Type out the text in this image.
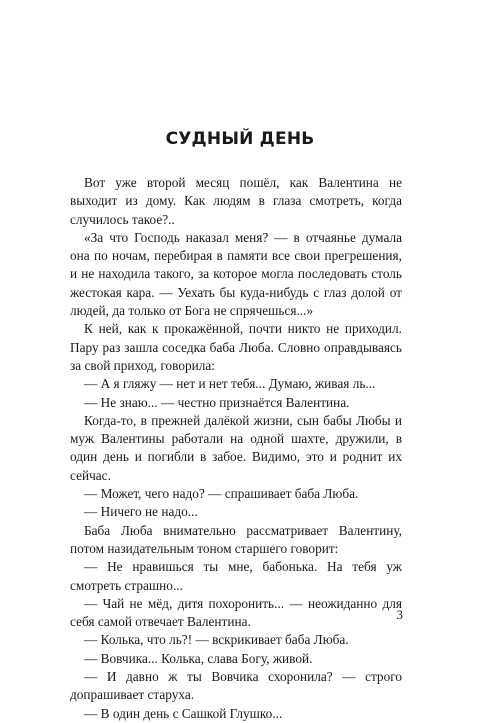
СУДНЫЙ ДЕНЬ

Вот уже второй месяц пошёл, как Валентина не выходит из дому. Как людям в глаза смотреть, когда случилось такое?..

«За что Господь наказал меня? — в отчаянье думала она по ночам, перебирая в памяти все свои прегрешения, и не находила такого, за которое могла последовать столь жестокая кара. — Уехать бы куда-нибудь с глаз долой от людей, да только от Бога не спрячешься...»

К ней, как к прокажённой, почти никто не приходил. Пару раз зашла соседка баба Люба. Словно оправдываясь за свой приход, говорила:

— А я гляжу — нет и нет тебя... Думаю, живая ль...

— Не знаю... — честно признаётся Валентина.

Когда-то, в прежней далёкой жизни, сын бабы Любы и муж Валентины работали на одной шахте, дружили, в один день и погибли в забое. Видимо, это и роднит их сейчас.

— Может, чего надо? — спрашивает баба Люба.

— Ничего не надо...

Баба Люба внимательно рассматривает Валентину, потом назидательным тоном старшего говорит:

— Не нравишься ты мне, бабонька. На тебя уж смотреть страшно...

— Чай не мёд, дитя похоронить... — неожиданно для себя самой отвечает Валентина.

— Колька, что ль?! — вскрикивает баба Люба.

— Вовчика... Колька, слава Богу, живой.

— И давно ж ты Вовчика схоронила? — строго допрашивает старуха.

— В один день с Сашкой Глушко...

3
